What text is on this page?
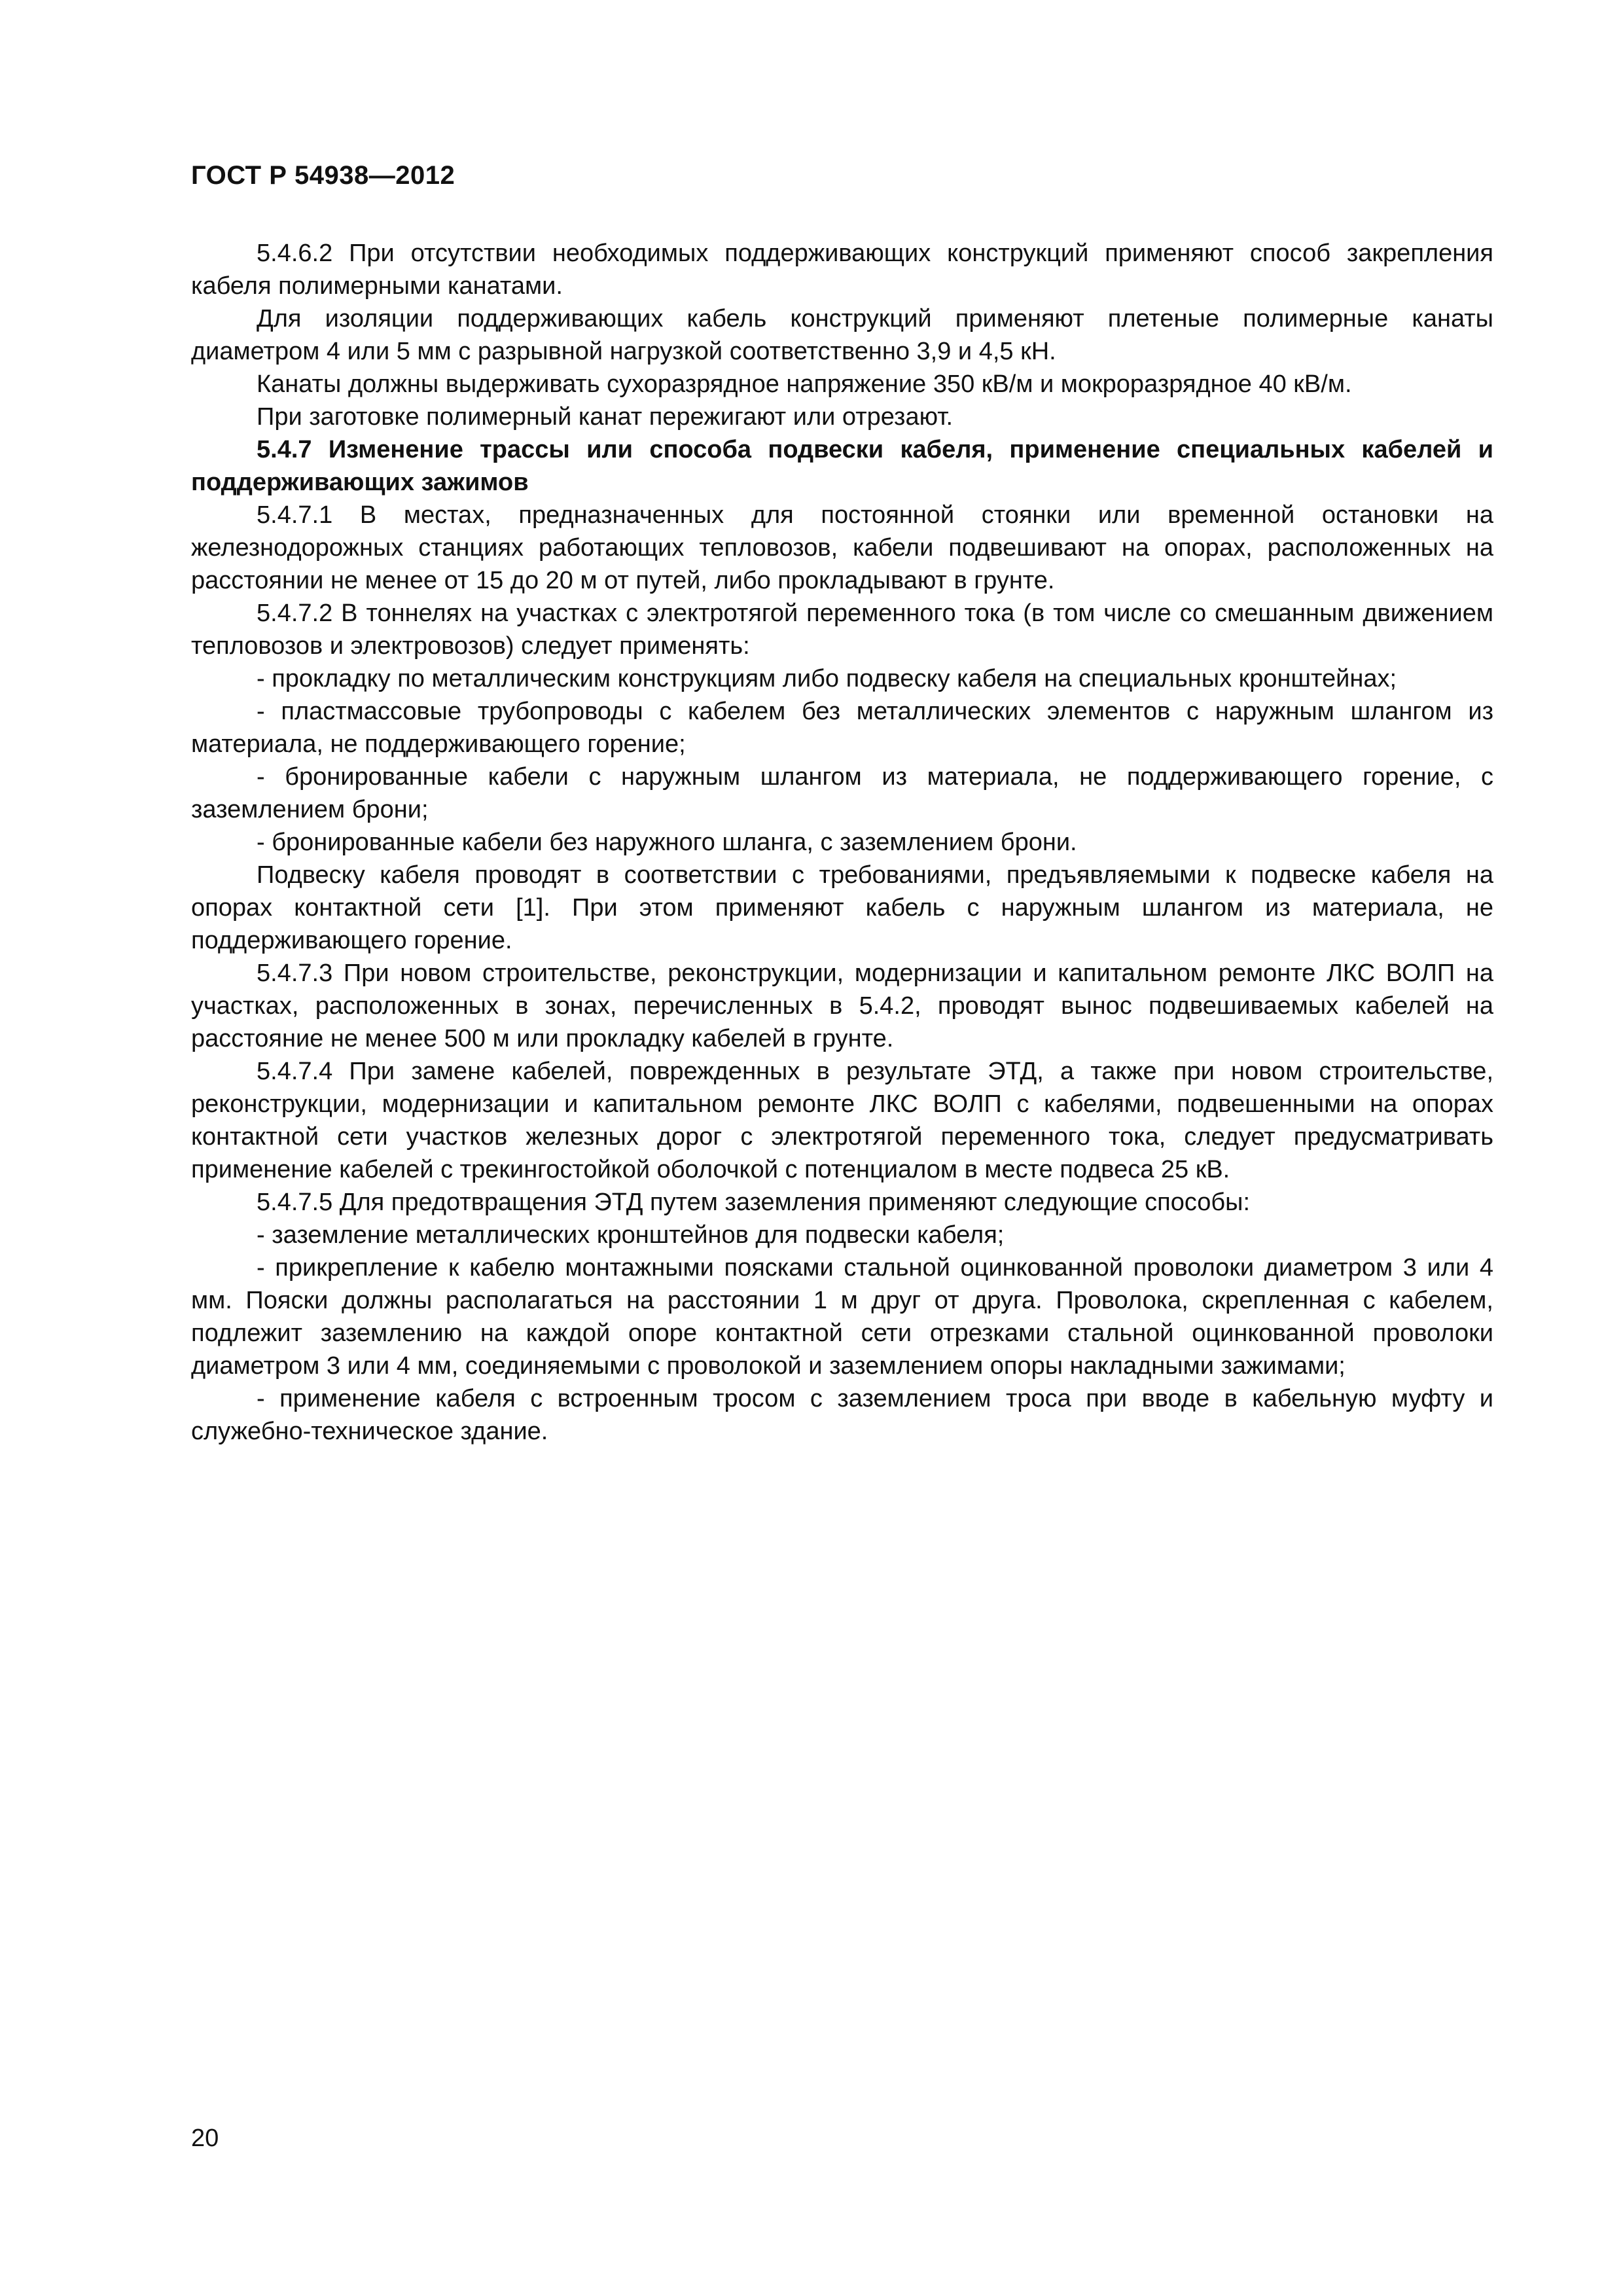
ГОСТ Р 54938—2012

5.4.6.2 При отсутствии необходимых поддерживающих конструкций применяют способ закрепления кабеля полимерными канатами.

Для изоляции поддерживающих кабель конструкций применяют плетеные полимерные канаты диаметром 4 или 5 мм с разрывной нагрузкой соответственно 3,9 и 4,5 кН.

Канаты должны выдерживать сухоразрядное напряжение 350 кВ/м и мокроразрядное 40 кВ/м.

При заготовке полимерный канат пережигают или отрезают.

5.4.7 Изменение трассы или способа подвески кабеля, применение специальных кабелей и поддерживающих зажимов

5.4.7.1 В местах, предназначенных для постоянной стоянки или временной остановки на железнодорожных станциях работающих тепловозов, кабели подвешивают на опорах, расположенных на расстоянии не менее от 15 до 20 м от путей, либо прокладывают в грунте.

5.4.7.2 В тоннелях на участках с электротягой переменного тока (в том числе со смешанным движением тепловозов и электровозов) следует применять:

- прокладку по металлическим конструкциям либо подвеску кабеля на специальных кронштейнах;

- пластмассовые трубопроводы с кабелем без металлических элементов с наружным шлангом из материала, не поддерживающего горение;

- бронированные кабели с наружным шлангом из материала, не поддерживающего горение, с заземлением брони;

- бронированные кабели без наружного шланга, с заземлением брони.

Подвеску кабеля проводят в соответствии с требованиями, предъявляемыми к подвеске кабеля на опорах контактной сети [1]. При этом применяют кабель с наружным шлангом из материала, не поддерживающего горение.

5.4.7.3 При новом строительстве, реконструкции, модернизации и капитальном ремонте ЛКС ВОЛП на участках, расположенных в зонах, перечисленных в 5.4.2, проводят вынос подвешиваемых кабелей на расстояние не менее 500 м или прокладку кабелей в грунте.

5.4.7.4 При замене кабелей, поврежденных в результате ЭТД, а также при новом строительстве, реконструкции, модернизации и капитальном ремонте ЛКС ВОЛП с кабелями, подвешенными на опорах контактной сети участков железных дорог с электротягой переменного тока, следует предусматривать применение кабелей с трекингостойкой оболочкой с потенциалом в месте подвеса 25 кВ.

5.4.7.5 Для предотвращения ЭТД путем заземления применяют следующие способы:

- заземление металлических кронштейнов для подвески кабеля;

- прикрепление к кабелю монтажными поясками стальной оцинкованной проволоки диаметром 3 или 4 мм. Пояски должны располагаться на расстоянии 1 м друг от друга. Проволока, скрепленная с кабелем, подлежит заземлению на каждой опоре контактной сети отрезками стальной оцинкованной проволоки диаметром 3 или 4 мм, соединяемыми с проволокой и заземлением опоры накладными зажимами;

- применение кабеля с встроенным тросом с заземлением троса при вводе в кабельную муфту и служебно-техническое здание.

20
